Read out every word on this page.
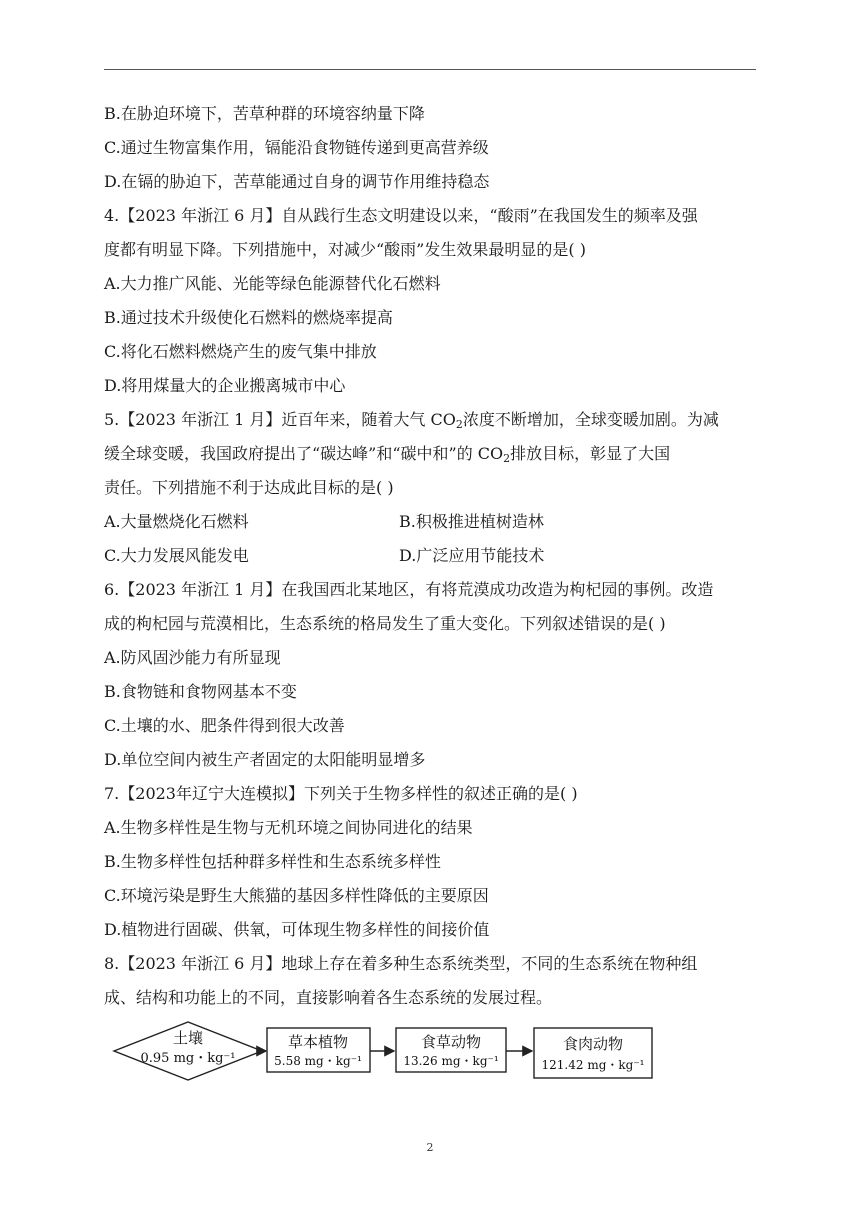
B.在胁迫环境下，苦草种群的环境容纳量下降
C.通过生物富集作用，镉能沿食物链传递到更高营养级
D.在镉的胁迫下，苦草能通过自身的调节作用维持稳态
4.【2023 年浙江 6 月】自从践行生态文明建设以来，“酸雨”在我国发生的频率及强
度都有明显下降。下列措施中，对减少“酸雨”发生效果最明显的是( )
A.大力推广风能、光能等绿色能源替代化石燃料
B.通过技术升级使化石燃料的燃烧率提高
C.将化石燃料燃烧产生的废气集中排放
D.将用煤量大的企业搬离城市中心
5.【2023 年浙江 1 月】近百年来，随着大气 $CO_2$浓度不断增加，全球变暖加剧。为减
缓全球变暖，我国政府提出了“碳达峰”和“碳中和”的 $CO_2$排放目标，彰显了大国
责任。下列措施不利于达成此目标的是( )
A.大量燃烧化石燃料	B.积极推进植树造林
C.大力发展风能发电	D.广泛应用节能技术
6.【2023 年浙江 1 月】在我国西北某地区，有将荒漠成功改造为枸杞园的事例。改造
成的枸杞园与荒漠相比，生态系统的格局发生了重大变化。下列叙述错误的是( )
A.防风固沙能力有所显现
B.食物链和食物网基本不变
C.土壤的水、肥条件得到很大改善
D.单位空间内被生产者固定的太阳能明显增多
7.【2023年辽宁大连模拟】下列关于生物多样性的叙述正确的是( )
A.生物多样性是生物与无机环境之间协同进化的结果
B.生物多样性包括种群多样性和生态系统多样性
C.环境污染是野生大熊猫的基因多样性降低的主要原因
D.植物进行固碳、供氧，可体现生物多样性的间接价值
8.【2023 年浙江 6 月】地球上存在着多种生态系统类型，不同的生态系统在物种组
成、结构和功能上的不同，直接影响着各生态系统的发展过程。
土壤
0.95 mg・kg⁻¹
草本植物
5.58 mg・kg⁻¹
食草动物
13.26 mg・kg⁻¹
食肉动物
121.42 mg・kg⁻¹
2
